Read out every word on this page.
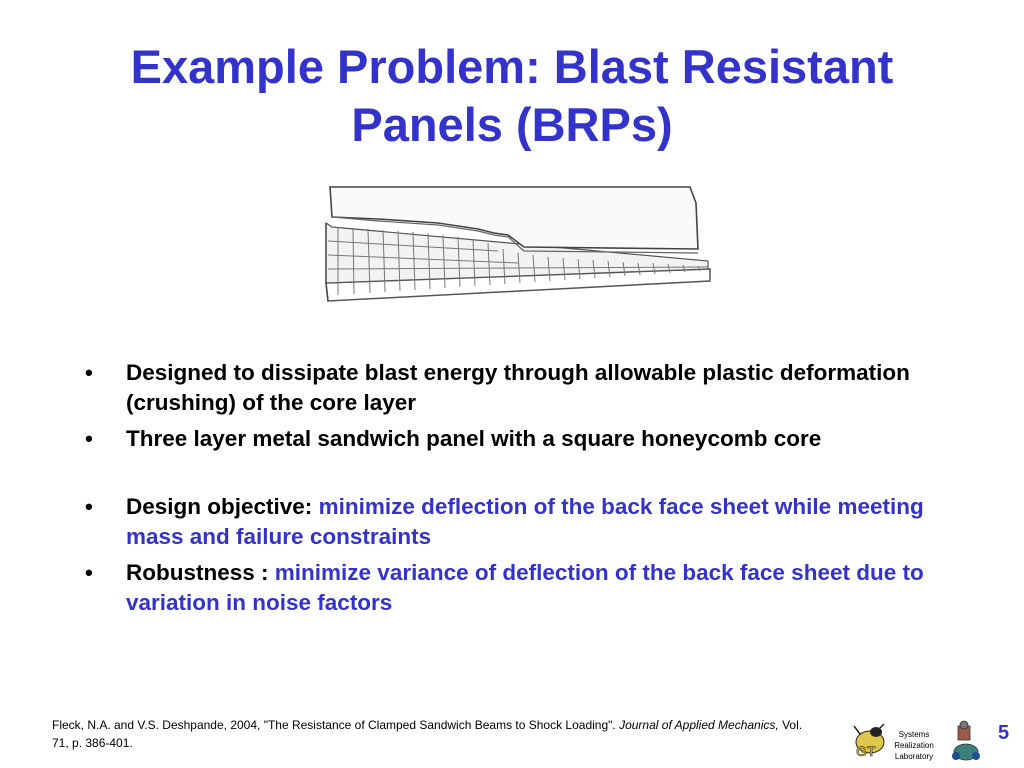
Example Problem: Blast Resistant
Panels (BRPs)
• Designed to dissipate blast energy through allowable plastic deformation (crushing) of the core layer
• Three layer metal sandwich panel with a square honeycomb core
• Design objective: minimize deflection of the back face sheet while meeting mass and failure constraints
• Robustness : minimize variance of deflection of the back face sheet due to variation in noise factors
Fleck, N.A. and V.S. Deshpande, 2004, "The Resistance of Clamped Sandwich Beams to Shock Loading". Journal of Applied Mechanics, Vol. 71, p. 386-401.	GT
Systems
Realization
Laboratory
5
